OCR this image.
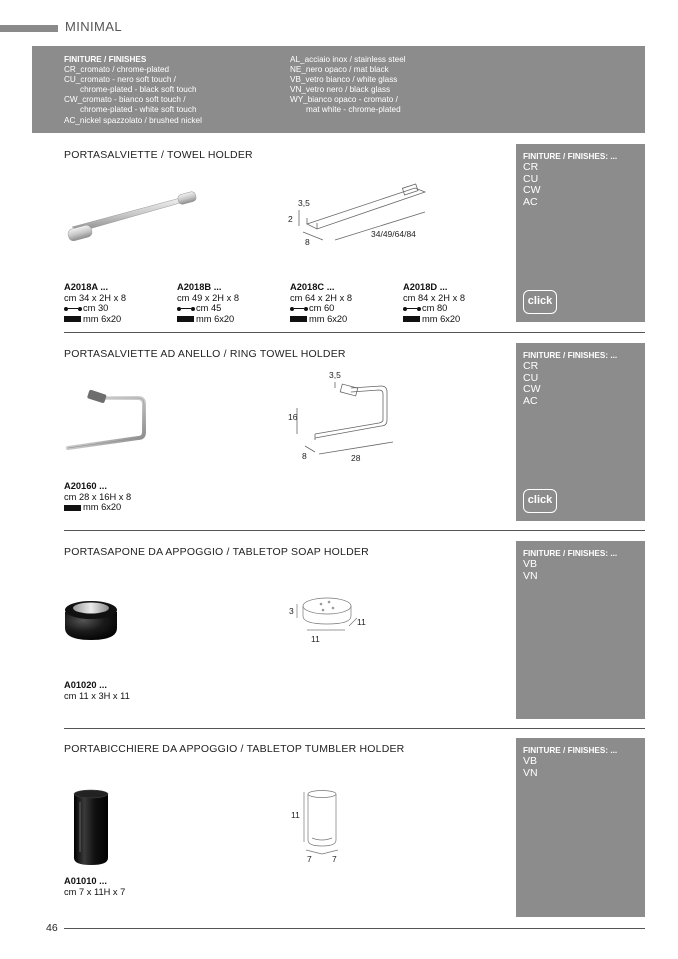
MINIMAL
FINITURE / FINISHES
CR_cromato / chrome-plated
CU_cromato - nero soft touch /
chrome-plated - black soft touch
CW_cromato - bianco soft touch /
chrome-plated - white soft touch
AC_nickel spazzolato / brushed nickel
AL_acciaio inox / stainless steel
NE_nero opaco / mat black
VB_vetro bianco / white glass
VN_vetro nero / black glass
WY_bianco opaco - cromato /
mat white - chrome-plated
PORTASALVIETTE / TOWEL HOLDER	FINITURE / FINISHES: ...
CR
CU
CW
AC
click
3,5
2
8
34/49/64/84
A2018A ...
cm 34 x 2H x 8
cm 30
mm 6x20
A2018B ...
cm 49 x 2H x 8
cm 45
mm 6x20
A2018C ...
cm 64 x 2H x 8
cm 60
mm 6x20
A2018D ...
cm 84 x 2H x 8
cm 80
mm 6x20
PORTASALVIETTE AD ANELLO / RING TOWEL HOLDER	FINITURE / FINISHES: ...
CR
CU
CW
AC
click
3,5
16
8	28
A20160 ...
cm 28 x 16H x 8
mm 6x20
PORTASAPONE DA APPOGGIO / TABLETOP SOAP HOLDER	FINITURE / FINISHES: ...
VB
VN
3
11
11
A01020 ...
cm 11 x 3H x 11
PORTABICCHIERE DA APPOGGIO / TABLETOP TUMBLER HOLDER	FINITURE / FINISHES: ...
VB
VN
11
7 7
A01010 ...
cm 7 x 11H x 7
46
